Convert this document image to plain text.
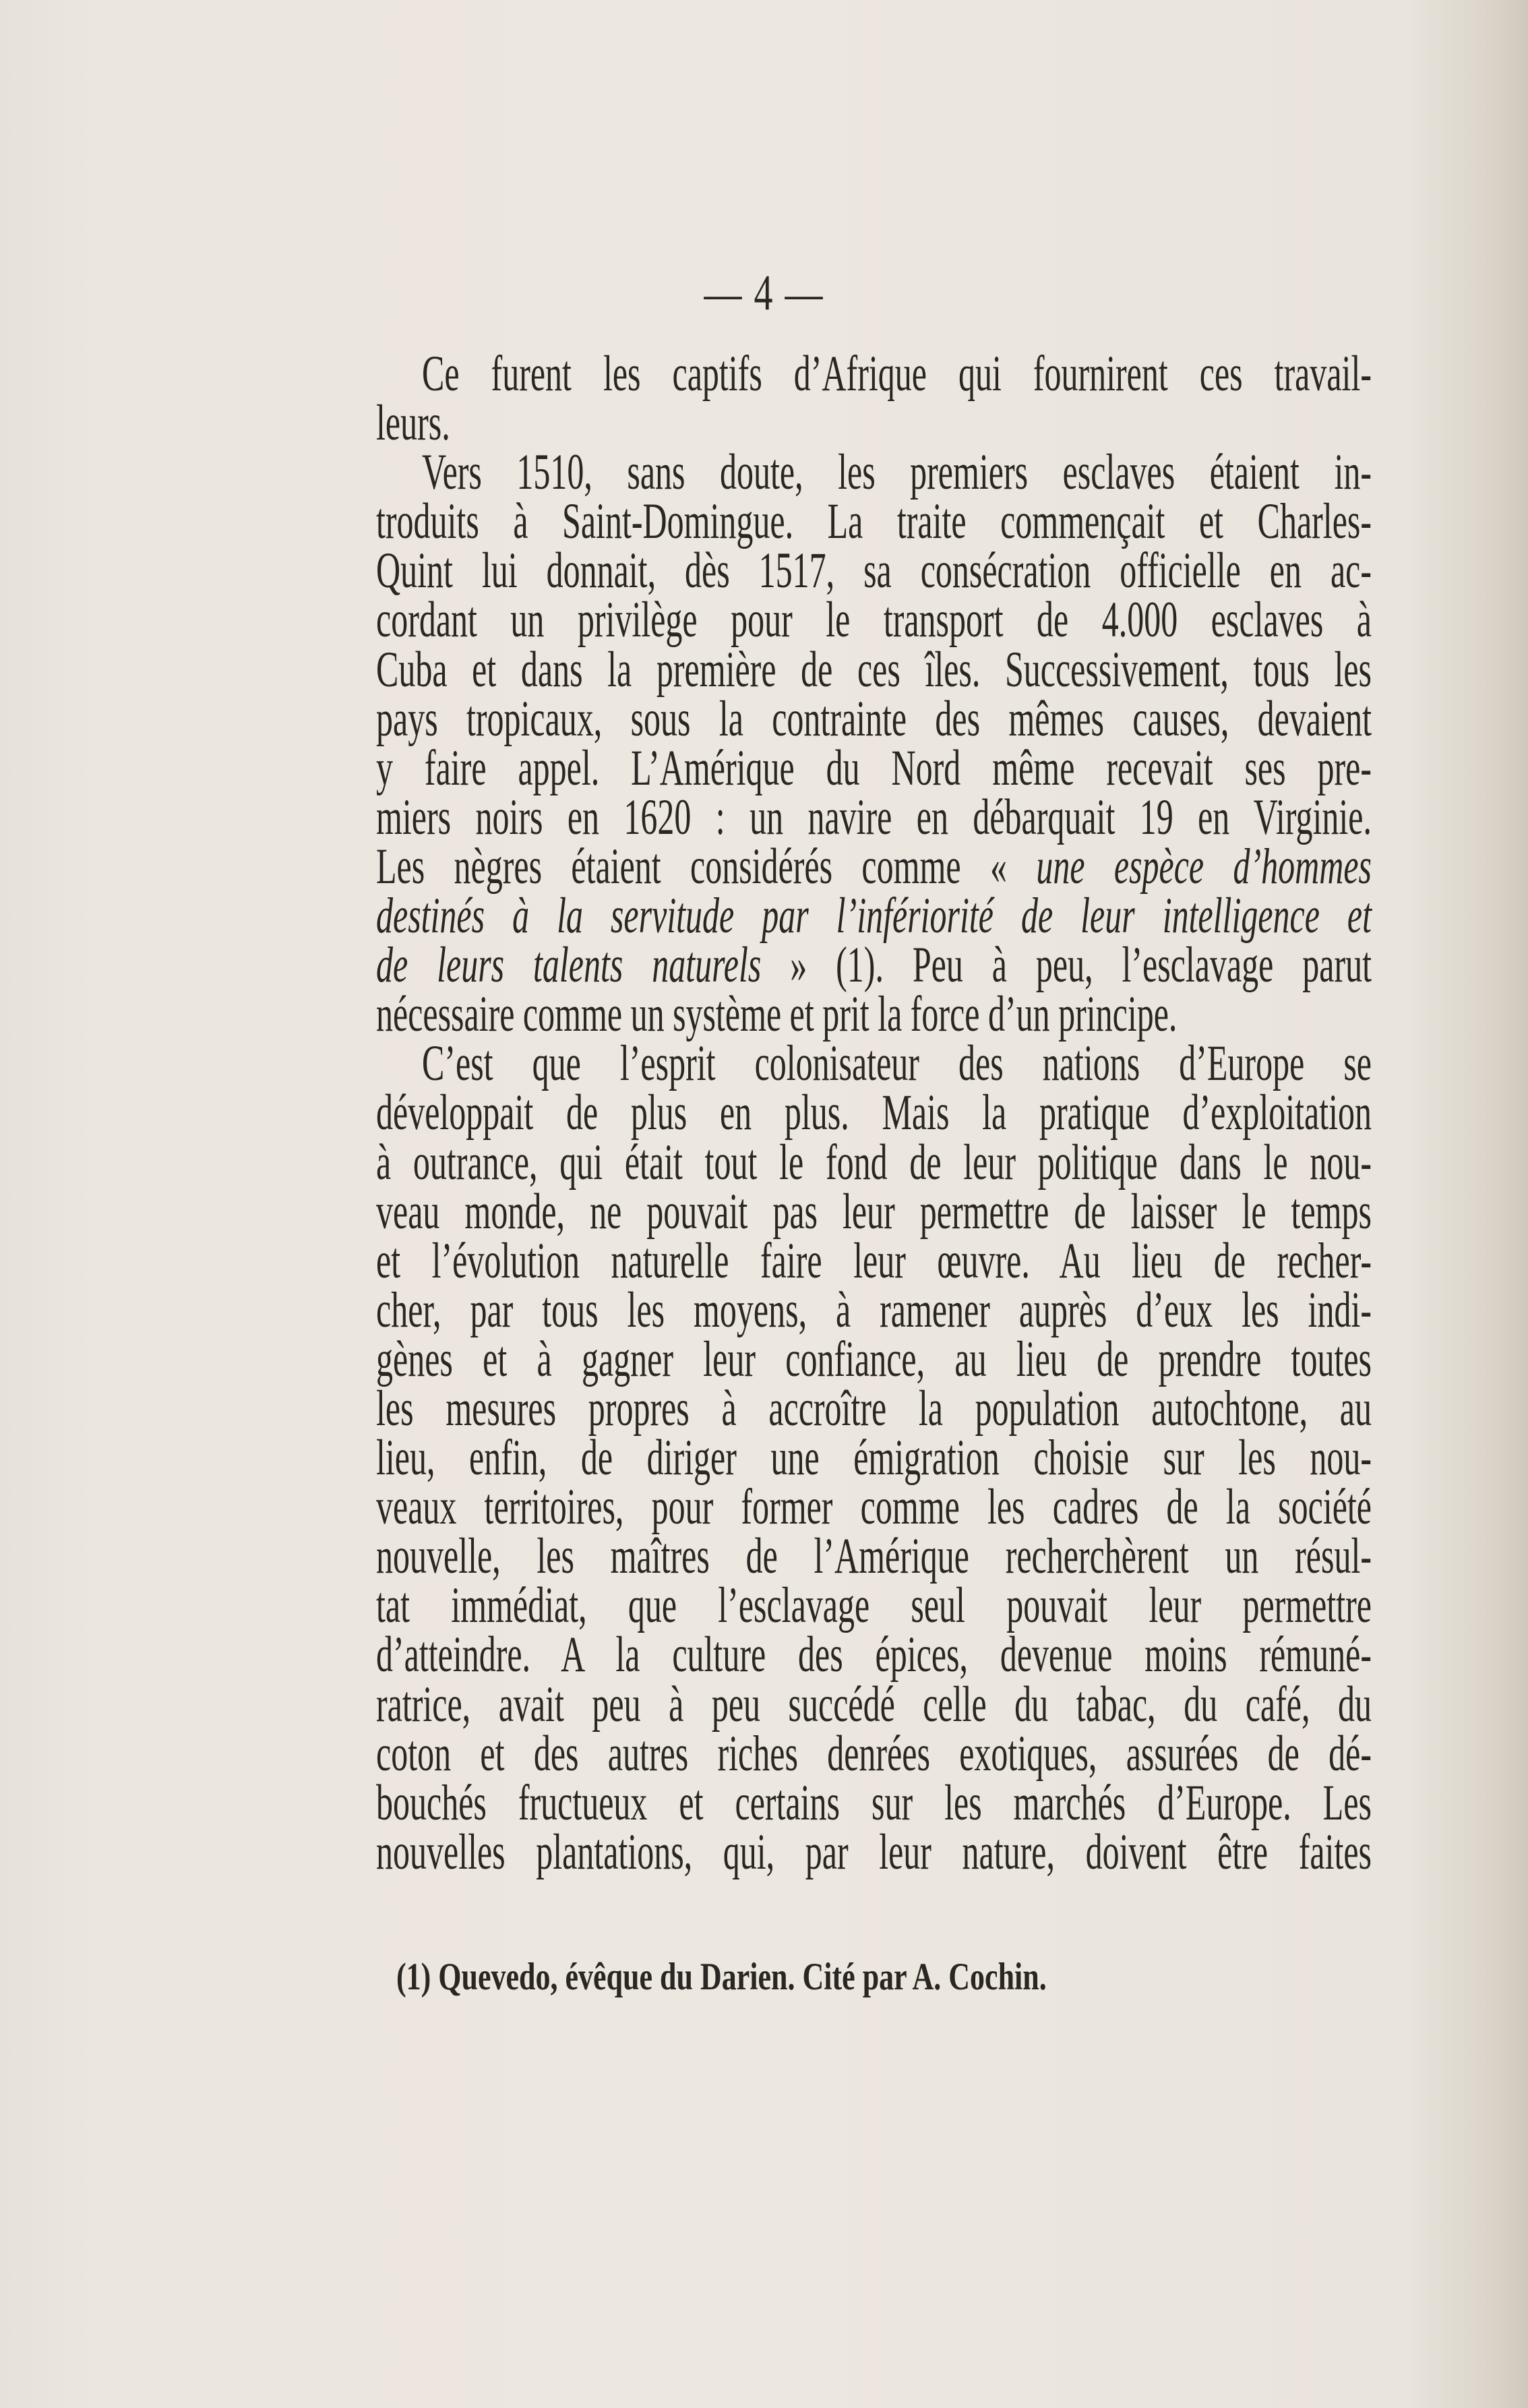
— 4 —
Ce furent les captifs d’Afrique qui fournirent ces travail-
leurs.
Vers 1510, sans doute, les premiers esclaves étaient in-
troduits à Saint-Domingue. La traite commençait et Charles-
Quint lui donnait, dès 1517, sa consécration officielle en ac-
cordant un privilège pour le transport de 4.000 esclaves à
Cuba et dans la première de ces îles. Successivement, tous les
pays tropicaux, sous la contrainte des mêmes causes, devaient
y faire appel. L’Amérique du Nord même recevait ses pre-
miers noirs en 1620 : un navire en débarquait 19 en Virginie.
Les nègres étaient considérés comme « une espèce d’hommes
destinés à la servitude par l’infériorité de leur intelligence et
de leurs talents naturels » (1). Peu à peu, l’esclavage parut
nécessaire comme un système et prit la force d’un principe.
C’est que l’esprit colonisateur des nations d’Europe se
développait de plus en plus. Mais la pratique d’exploitation
à outrance, qui était tout le fond de leur politique dans le nou-
veau monde, ne pouvait pas leur permettre de laisser le temps
et l’évolution naturelle faire leur œuvre. Au lieu de recher-
cher, par tous les moyens, à ramener auprès d’eux les indi-
gènes et à gagner leur confiance, au lieu de prendre toutes
les mesures propres à accroître la population autochtone, au
lieu, enfin, de diriger une émigration choisie sur les nou-
veaux territoires, pour former comme les cadres de la société
nouvelle, les maîtres de l’Amérique recherchèrent un résul-
tat immédiat, que l’esclavage seul pouvait leur permettre
d’atteindre. A la culture des épices, devenue moins rémuné-
ratrice, avait peu à peu succédé celle du tabac, du café, du
coton et des autres riches denrées exotiques, assurées de dé-
bouchés fructueux et certains sur les marchés d’Europe. Les
nouvelles plantations, qui, par leur nature, doivent être faites
(1) Quevedo, évêque du Darien. Cité par A. Cochin.
